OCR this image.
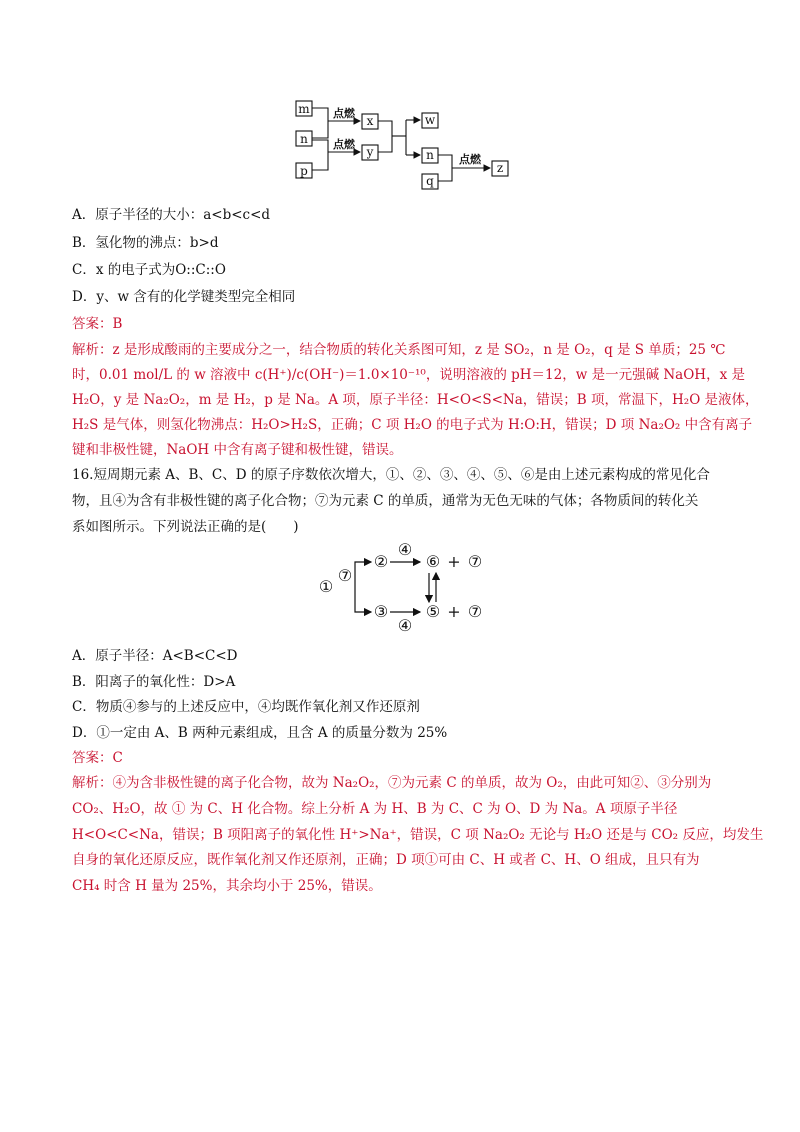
m
n
p
x
y
w
n
q
z
点燃
点燃
点燃
A．原子半径的大小：a<b<c<d
B．氢化物的沸点：b>d
C．x 的电子式为O::C::O
D．y、w 含有的化学键类型完全相同
答案：B
解析：z 是形成酸雨的主要成分之一，结合物质的转化关系图可知，z 是 SO₂，n 是 O₂，q 是 S 单质；25 ℃
时，0.01 mol/L 的 w 溶液中 c(H⁺)/c(OH⁻)＝1.0×10⁻¹⁰，说明溶液的 pH＝12，w 是一元强碱 NaOH，x 是
H₂O，y 是 Na₂O₂，m 是 H₂，p 是 Na。A 项，原子半径：H<O<S<Na，错误；B 项，常温下，H₂O 是液体，
H₂S 是气体，则氢化物沸点：H₂O>H₂S，正确；C 项 H₂O 的电子式为 H:O:H，错误；D 项 Na₂O₂ 中含有离子
键和非极性键，NaOH 中含有离子键和极性键，错误。
16.短周期元素 A、B、C、D 的原子序数依次增大，①、②、③、④、⑤、⑥是由上述元素构成的常见化合
物，且④为含有非极性键的离子化合物；⑦为元素 C 的单质，通常为无色无味的气体；各物质间的转化关
系如图所示。下列说法正确的是(　　)
①
⑦
②
③
④
④
⑥
⑤
+
+
⑦
⑦
A．原子半径：A<B<C<D
B．阳离子的氧化性：D>A
C．物质④参与的上述反应中，④均既作氧化剂又作还原剂
D．①一定由 A、B 两种元素组成，且含 A 的质量分数为 25%
答案：C
解析：④为含非极性键的离子化合物，故为 Na₂O₂，⑦为元素 C 的单质，故为 O₂，由此可知②、③分别为
CO₂、H₂O，故 ① 为 C、H 化合物。综上分析 A 为 H、B 为 C、C 为 O、D 为 Na。A 项原子半径
H<O<C<Na，错误；B 项阳离子的氧化性 H⁺>Na⁺，错误，C 项 Na₂O₂ 无论与 H₂O 还是与 CO₂ 反应，均发生
自身的氧化还原反应，既作氧化剂又作还原剂，正确；D 项①可由 C、H 或者 C、H、O 组成，且只有为
CH₄ 时含 H 量为 25%，其余均小于 25%，错误。
